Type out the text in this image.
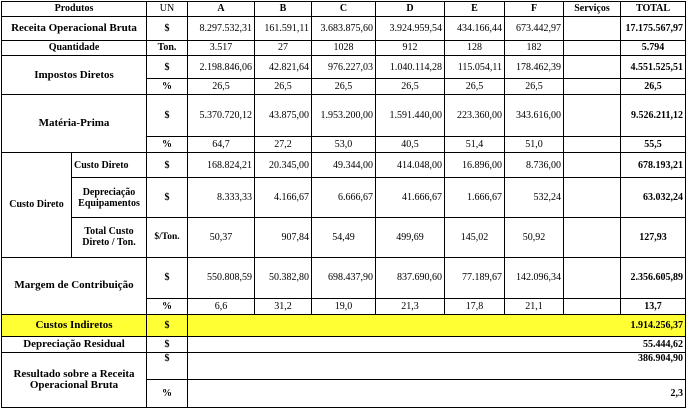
Produtos		UN	A	B	C	D	E	F	Serviços	TOTAL
Receita Operacional Bruta		$	8.297.532,31	161.591,11	3.683.875,60	3.924.959,54	434.166,44	673.442,97		17.175.567,97
Quantidade		Ton.	3.517	27	1028	912	128	182		5.794
Impostos Diretos		$	2.198.846,06	42.821,64	976.227,03	1.040.114,28	115.054,11	178.462,39		4.551.525,51
		%	26,5	26,5	26,5	26,5	26,5	26,5		26,5
Matéria-Prima		$	5.370.720,12	43.875,00	1.953.200,00	1.591.440,00	223.360,00	343.616,00		9.526.211,12
		%	64,7	27,2	53,0	40,5	51,4	51,0		55,5
Custo Direto	Custo Direto	$	168.824,21	20.345,00	49.344,00	414.048,00	16.896,00	8.736,00		678.193,21
	Depreciação Equipamentos	$	8.333,33	4.166,67	6.666,67	41.666,67	1.666,67	532,24		63.032,24
	Total Custo Direto / Ton.	$/Ton.	50,37	907,84	54,49	499,69	145,02	50,92		127,93
Margem de Contribuição		$	550.808,59	50.382,80	698.437,90	837.690,60	77.189,67	142.096,34		2.356.605,89
		%	6,6	31,2	19,0	21,3	17,8	21,1		13,7
Custos Indiretos		$	1.914.256,37							
Depreciação Residual		$	55.444,62							
Resultado sobre a Receita Operacional Bruta		$	386.904,90							
		%	2,3							
